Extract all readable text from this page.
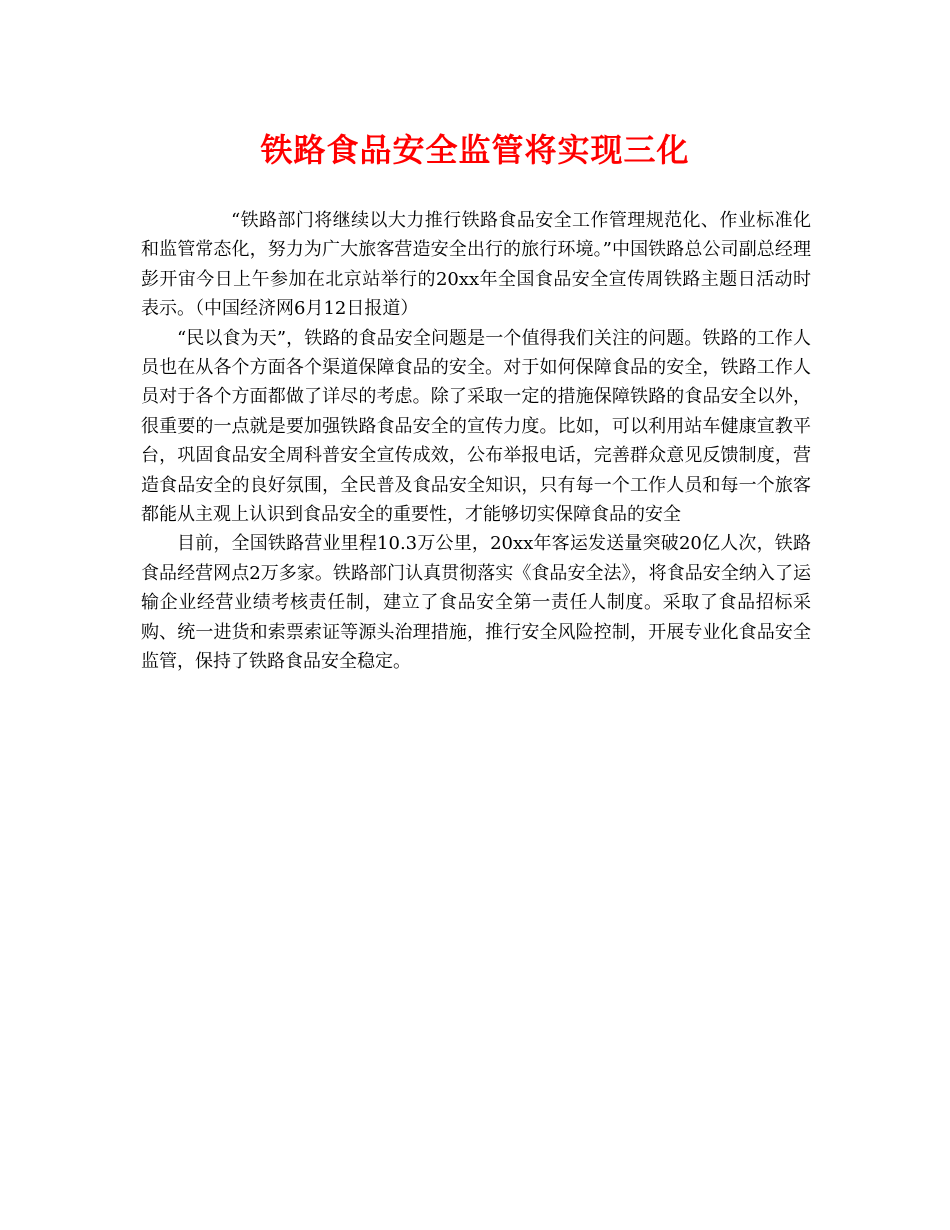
铁路食品安全监管将实现三化

“铁路部门将继续以大力推行铁路食品安全工作管理规范化、作业标准化和监管常态化，努力为广大旅客营造安全出行的旅行环境。”中国铁路总公司副总经理彭开宙今日上午参加在北京站举行的20xx年全国食品安全宣传周铁路主题日活动时表示。（中国经济网6月12日报道）

“民以食为天”，铁路的食品安全问题是一个值得我们关注的问题。铁路的工作人员也在从各个方面各个渠道保障食品的安全。对于如何保障食品的安全，铁路工作人员对于各个方面都做了详尽的考虑。除了采取一定的措施保障铁路的食品安全以外，很重要的一点就是要加强铁路食品安全的宣传力度。比如，可以利用站车健康宣教平台，巩固食品安全周科普安全宣传成效，公布举报电话，完善群众意见反馈制度，营造食品安全的良好氛围，全民普及食品安全知识，只有每一个工作人员和每一个旅客都能从主观上认识到食品安全的重要性，才能够切实保障食品的安全

目前，全国铁路营业里程10.3万公里，20xx年客运发送量突破20亿人次，铁路食品经营网点2万多家。铁路部门认真贯彻落实《食品安全法》，将食品安全纳入了运输企业经营业绩考核责任制，建立了食品安全第一责任人制度。采取了食品招标采购、统一进货和索票索证等源头治理措施，推行安全风险控制，开展专业化食品安全监管，保持了铁路食品安全稳定。
